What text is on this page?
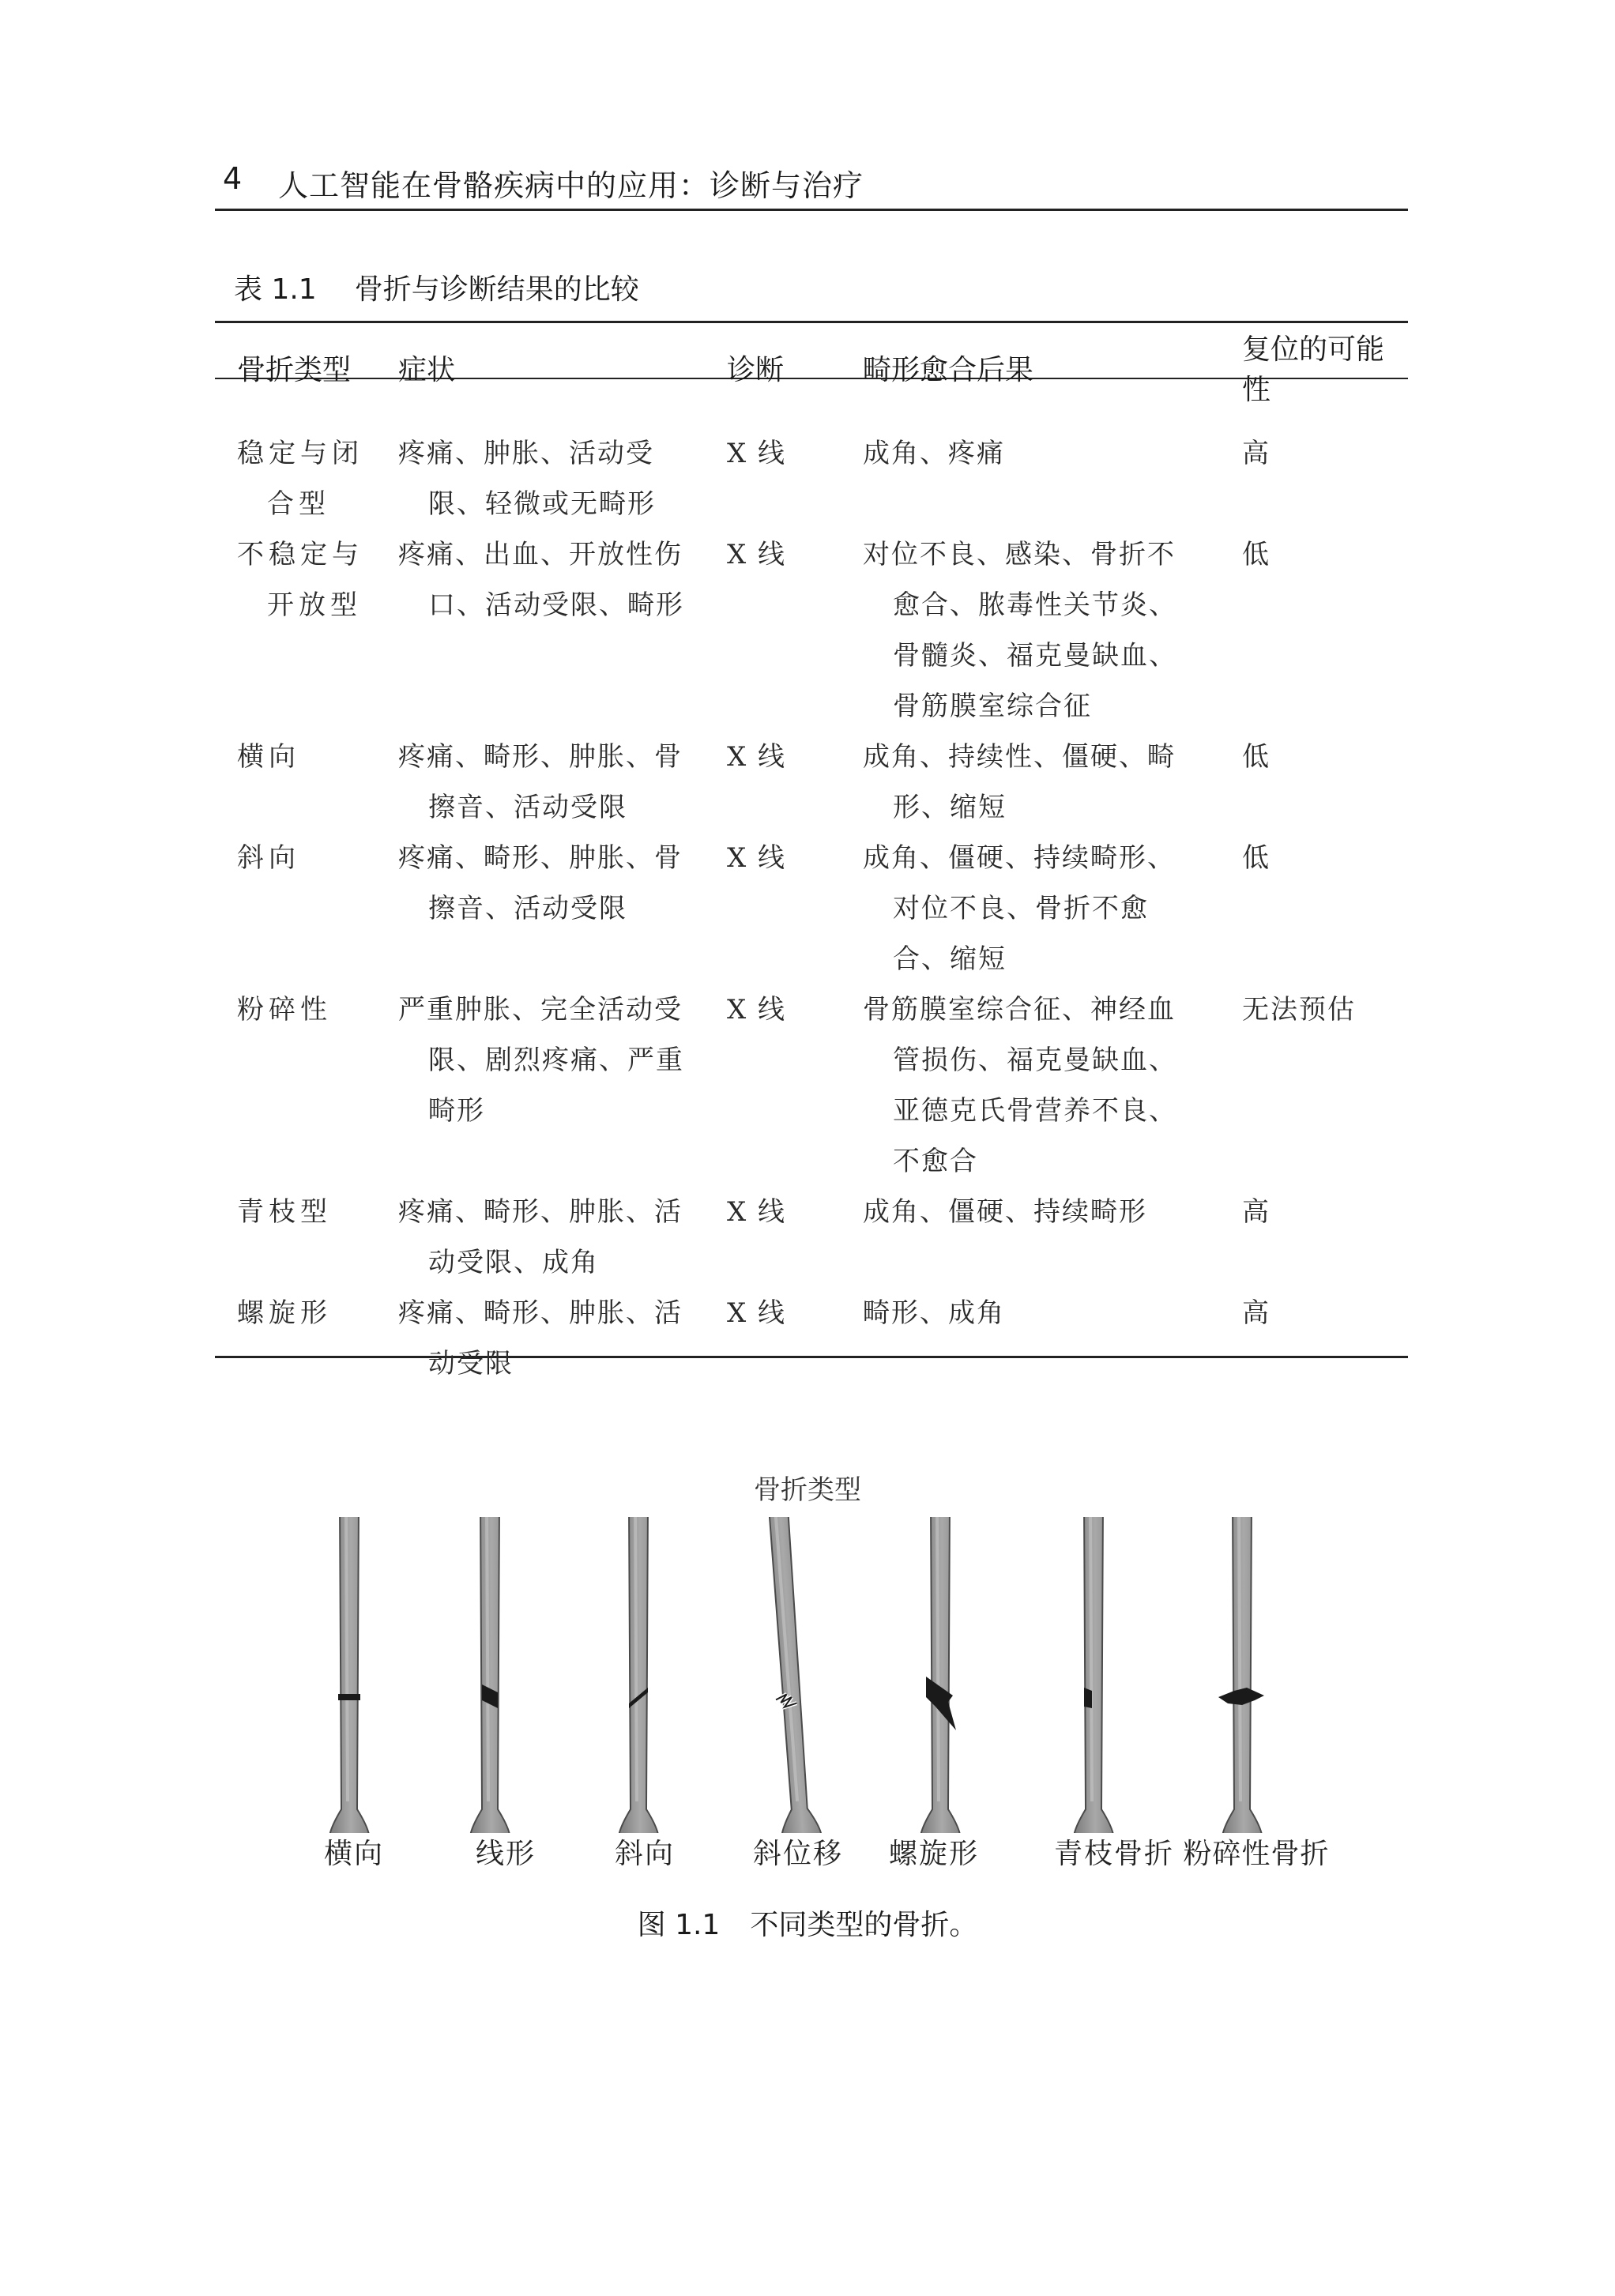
4 人工智能在骨骼疾病中的应用：诊断与治疗
表 1.1 骨折与诊断结果的比较
骨折类型	症状	诊断	畸形愈合后果	复位的可能性

稳定与闭合型	疼痛、肿胀、活动受限、轻微或无畸形	X 线	成角、疼痛	高

不稳定与开放型	疼痛、出血、开放性伤口、活动受限、畸形	X 线	对位不良、感染、骨折不愈合、脓毒性关节炎、骨髓炎、福克曼缺血、骨筋膜室综合征	低

横向	疼痛、畸形、肿胀、骨擦音、活动受限	X 线	成角、持续性、僵硬、畸形、缩短	低

斜向	疼痛、畸形、肿胀、骨擦音、活动受限	X 线	成角、僵硬、持续畸形、对位不良、骨折不愈合、缩短	低

粉碎性	严重肿胀、完全活动受限、剧烈疼痛、严重畸形	X 线	骨筋膜室综合征、神经血管损伤、福克曼缺血、亚德克氏骨营养不良、不愈合	无法预估

青枝型	疼痛、畸形、肿胀、活动受限、成角	X 线	成角、僵硬、持续畸形	高

螺旋形	疼痛、畸形、肿胀、活动受限	X 线	畸形、成角	高
骨折类型
横向	线形	斜向	斜位移	螺旋形	青枝骨折 粉碎性骨折
图 1.1 不同类型的骨折。
